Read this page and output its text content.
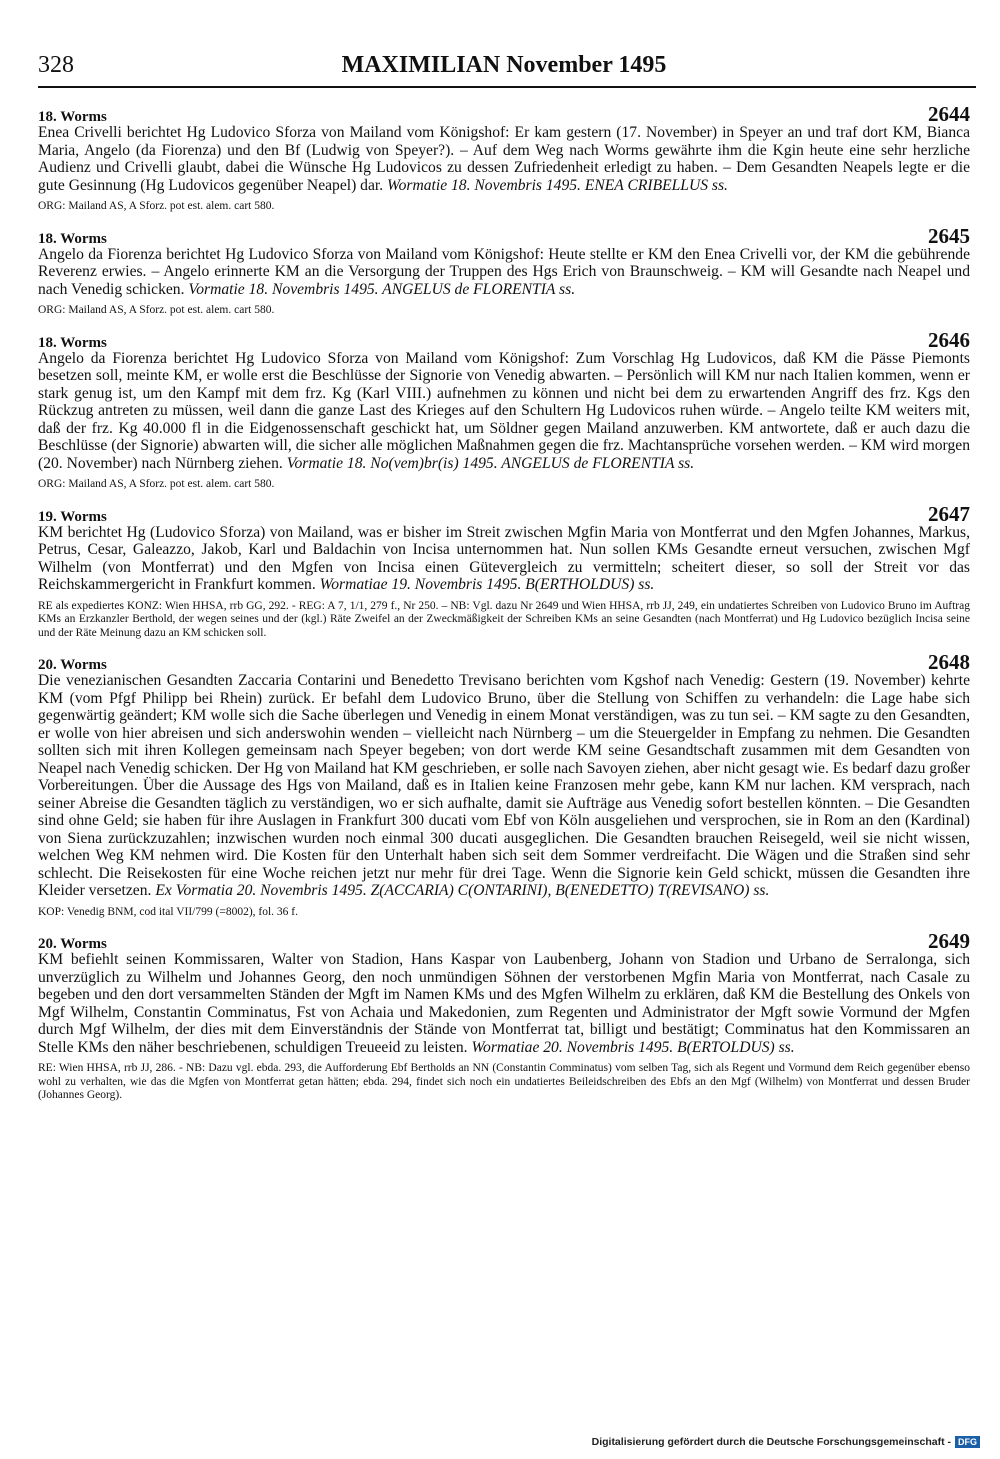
328	MAXIMILIAN November 1495
18. Worms	2644
Enea Crivelli berichtet Hg Ludovico Sforza von Mailand vom Königshof: Er kam gestern (17. November) in Speyer an und traf dort KM, Bianca Maria, Angelo (da Fiorenza) und den Bf (Ludwig von Speyer?). – Auf dem Weg nach Worms gewährte ihm die Kgin heute eine sehr herzliche Audienz und Crivelli glaubt, dabei die Wünsche Hg Ludovicos zu dessen Zufriedenheit erledigt zu haben. – Dem Gesandten Neapels legte er die gute Gesinnung (Hg Ludovicos gegenüber Neapel) dar. Wormatie 18. Novembris 1495. ENEA CRIBELLUS ss.
ORG: Mailand AS, A Sforz. pot est. alem. cart 580.
18. Worms	2645
Angelo da Fiorenza berichtet Hg Ludovico Sforza von Mailand vom Königshof: Heute stellte er KM den Enea Crivelli vor, der KM die gebührende Reverenz erwies. – Angelo erinnerte KM an die Versorgung der Truppen des Hgs Erich von Braunschweig. – KM will Gesandte nach Neapel und nach Venedig schicken. Vormatie 18. Novembris 1495. ANGELUS de FLORENTIA ss.
ORG: Mailand AS, A Sforz. pot est. alem. cart 580.
18. Worms	2646
Angelo da Fiorenza berichtet Hg Ludovico Sforza von Mailand vom Königshof: Zum Vorschlag Hg Ludovicos, daß KM die Pässe Piemonts besetzen soll, meinte KM, er wolle erst die Beschlüsse der Signorie von Venedig abwarten. – Persönlich will KM nur nach Italien kommen, wenn er stark genug ist, um den Kampf mit dem frz. Kg (Karl VIII.) aufnehmen zu können und nicht bei dem zu erwartenden Angriff des frz. Kgs den Rückzug antreten zu müssen, weil dann die ganze Last des Krieges auf den Schultern Hg Ludovicos ruhen würde. – Angelo teilte KM weiters mit, daß der frz. Kg 40.000 fl in die Eidgenossenschaft geschickt hat, um Söldner gegen Mailand anzuwerben. KM antwortete, daß er auch dazu die Beschlüsse (der Signorie) abwarten will, die sicher alle möglichen Maßnahmen gegen die frz. Machtansprüche vorsehen werden. – KM wird morgen (20. November) nach Nürnberg ziehen. Vormatie 18. No(vem)br(is) 1495. ANGELUS de FLORENTIA ss.
ORG: Mailand AS, A Sforz. pot est. alem. cart 580.
19. Worms	2647
KM berichtet Hg (Ludovico Sforza) von Mailand, was er bisher im Streit zwischen Mgfin Maria von Montferrat und den Mgfen Johannes, Markus, Petrus, Cesar, Galeazzo, Jakob, Karl und Baldachin von Incisa unternommen hat. Nun sollen KMs Gesandte erneut versuchen, zwischen Mgf Wilhelm (von Montferrat) und den Mgfen von Incisa einen Gütevergleich zu vermitteln; scheitert dieser, so soll der Streit vor das Reichskammergericht in Frankfurt kommen. Wormatiae 19. Novembris 1495. B(ERTHOLDUS) ss.
RE als expediertes KONZ: Wien HHSA, rrb GG, 292. - REG: A 7, 1/1, 279 f., Nr 250. – NB: Vgl. dazu Nr 2649 und Wien HHSA, rrb JJ, 249, ein undatiertes Schreiben von Ludovico Bruno im Auftrag KMs an Erzkanzler Berthold, der wegen seines und der (kgl.) Räte Zweifel an der Zweckmäßigkeit der Schreiben KMs an seine Gesandten (nach Montferrat) und Hg Ludovico bezüglich Incisa seine und der Räte Meinung dazu an KM schicken soll.
20. Worms	2648
Die venezianischen Gesandten Zaccaria Contarini und Benedetto Trevisano berichten vom Kgshof nach Venedig: Gestern (19. November) kehrte KM (vom Pfgf Philipp bei Rhein) zurück. Er befahl dem Ludovico Bruno, über die Stellung von Schiffen zu verhandeln: die Lage habe sich gegenwärtig geändert; KM wolle sich die Sache überlegen und Venedig in einem Monat verständigen, was zu tun sei. – KM sagte zu den Gesandten, er wolle von hier abreisen und sich anderswohin wenden – vielleicht nach Nürnberg – um die Steuergelder in Empfang zu nehmen. Die Gesandten sollten sich mit ihren Kollegen gemeinsam nach Speyer begeben; von dort werde KM seine Gesandtschaft zusammen mit dem Gesandten von Neapel nach Venedig schicken. Der Hg von Mailand hat KM geschrieben, er solle nach Savoyen ziehen, aber nicht gesagt wie. Es bedarf dazu großer Vorbereitungen. Über die Aussage des Hgs von Mailand, daß es in Italien keine Franzosen mehr gebe, kann KM nur lachen. KM versprach, nach seiner Abreise die Gesandten täglich zu verständigen, wo er sich aufhalte, damit sie Aufträge aus Venedig sofort bestellen könnten. – Die Gesandten sind ohne Geld; sie haben für ihre Auslagen in Frankfurt 300 ducati vom Ebf von Köln ausgeliehen und versprochen, sie in Rom an den (Kardinal) von Siena zurückzuzahlen; inzwischen wurden noch einmal 300 ducati ausgeglichen. Die Gesandten brauchen Reisegeld, weil sie nicht wissen, welchen Weg KM nehmen wird. Die Kosten für den Unterhalt haben sich seit dem Sommer verdreifacht. Die Wägen und die Straßen sind sehr schlecht. Die Reisekosten für eine Woche reichen jetzt nur mehr für drei Tage. Wenn die Signorie kein Geld schickt, müssen die Gesandten ihre Kleider versetzen. Ex Vormatia 20. Novembris 1495. Z(ACCARIA) C(ONTARINI), B(ENEDETTO) T(REVISANO) ss.
KOP: Venedig BNM, cod ital VII/799 (=8002), fol. 36 f.
20. Worms	2649
KM befiehlt seinen Kommissaren, Walter von Stadion, Hans Kaspar von Laubenberg, Johann von Stadion und Urbano de Serralonga, sich unverzüglich zu Wilhelm und Johannes Georg, den noch unmündigen Söhnen der verstorbenen Mgfin Maria von Montferrat, nach Casale zu begeben und den dort versammelten Ständen der Mgft im Namen KMs und des Mgfen Wilhelm zu erklären, daß KM die Bestellung des Onkels von Mgf Wilhelm, Constantin Comminatus, Fst von Achaia und Makedonien, zum Regenten und Administrator der Mgft sowie Vormund der Mgfen durch Mgf Wilhelm, der dies mit dem Einverständnis der Stände von Montferrat tat, billigt und bestätigt; Comminatus hat den Kommissaren an Stelle KMs den näher beschriebenen, schuldigen Treueeid zu leisten. Wormatiae 20. Novembris 1495. B(ERTOLDUS) ss.
RE: Wien HHSA, rrb JJ, 286. - NB: Dazu vgl. ebda. 293, die Aufforderung Ebf Bertholds an NN (Constantin Comminatus) vom selben Tag, sich als Regent und Vormund dem Reich gegenüber ebenso wohl zu verhalten, wie das die Mgfen von Montferrat getan hätten; ebda. 294, findet sich noch ein undatiertes Beileidschreiben des Ebfs an den Mgf (Wilhelm) von Montferrat und dessen Bruder (Johannes Georg).
Digitalisierung gefördert durch die Deutsche Forschungsgemeinschaft - DFG
